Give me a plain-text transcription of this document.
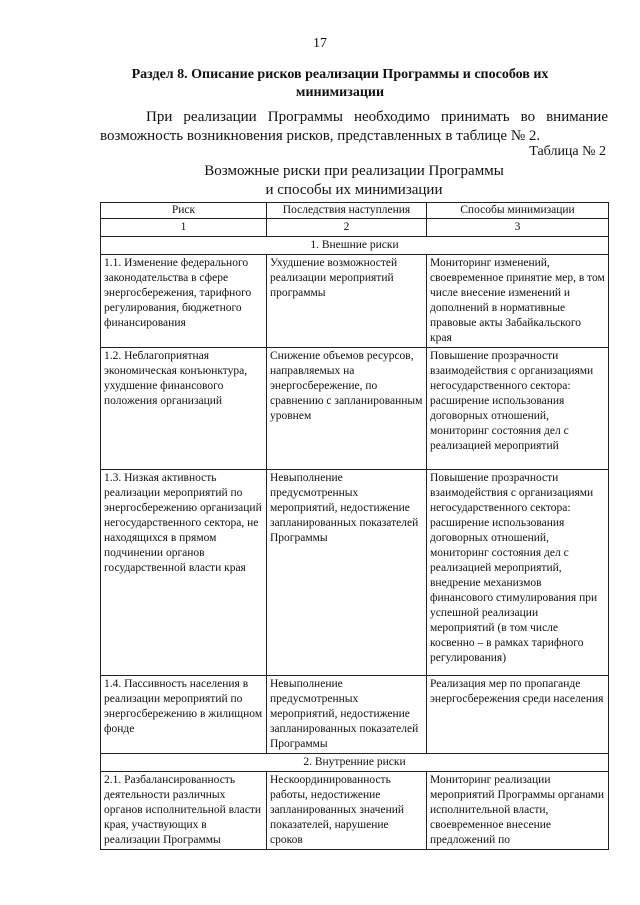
17
Раздел 8. Описание рисков реализации Программы и способов их минимизации
При реализации Программы необходимо принимать во внимание возможность возникновения рисков, представленных в таблице № 2.
Таблица № 2
Возможные риски при реализации Программы
и способы их минимизации
Риск	Последствия наступления	Способы минимизации
1	2	3
1. Внешние риски		
1.1. Изменение федерального законодательства в сфере энергосбережения, тарифного регулирования, бюджетного финансирования	Ухудшение возможностей реализации мероприятий программы	Мониторинг изменений, своевременное принятие мер, в том числе внесение изменений и дополнений в нормативные правовые акты Забайкальского края
1.2. Неблагоприятная экономическая конъюнктура, ухудшение финансового положения организаций	Снижение объемов ресурсов, направляемых на энергосбережение, по сравнению с запланированным уровнем	Повышение прозрачности взаимодействия с организациями негосударственного сектора: расширение использования договорных отношений, мониторинг состояния дел с реализацией мероприятий
1.3. Низкая активность реализации мероприятий по энергосбережению организаций негосударственного сектора, не находящихся в прямом подчинении органов государственной власти края	Невыполнение предусмотренных мероприятий, недостижение запланированных показателей Программы	Повышение прозрачности взаимодействия с организациями негосударственного сектора: расширение использования договорных отношений, мониторинг состояния дел с реализацией мероприятий, внедрение механизмов финансового стимулирования при успешной реализации мероприятий (в том числе косвенно – в рамках тарифного регулирования)
1.4. Пассивность населения в реализации мероприятий по энергосбережению в жилищном фонде	Невыполнение предусмотренных мероприятий, недостижение запланированных показателей Программы	Реализация мер по пропаганде энергосбережения среди населения
2. Внутренние риски		
2.1. Разбалансированность деятельности различных органов исполнительной власти края, участвующих в реализации Программы	Нескоординированность работы, недостижение запланированных значений показателей, нарушение сроков	Мониторинг реализации мероприятий Программы органами исполнительной власти, своевременное внесение предложений по
